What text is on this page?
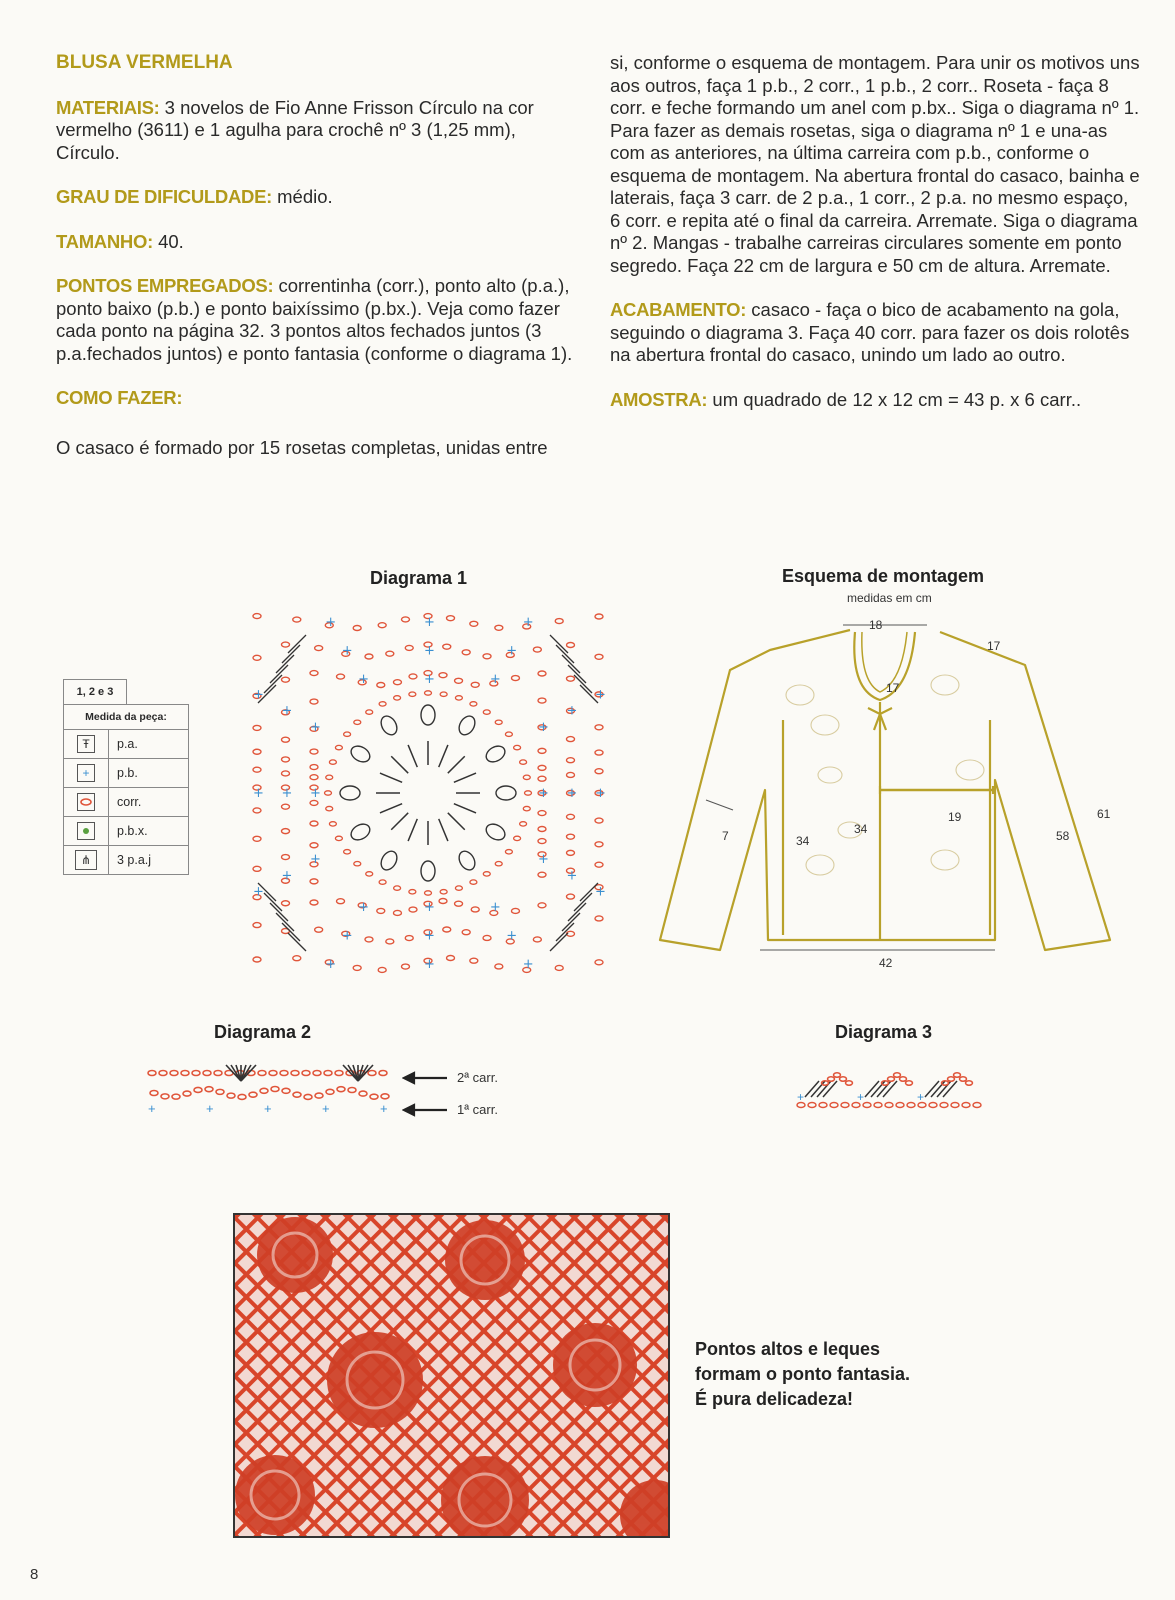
BLUSA VERMELHA

MATERIAIS: 3 novelos de Fio Anne Frisson Círculo na cor vermelho (3611) e 1 agulha para crochê nº 3 (1,25 mm), Círculo.

GRAU DE DIFICULDADE: médio.

TAMANHO: 40.

PONTOS EMPREGADOS: correntinha (corr.), ponto alto (p.a.), ponto baixo (p.b.) e ponto baixíssimo (p.bx.). Veja como fazer cada ponto na página 32. 3 pontos altos fechados juntos (3 p.a.fechados juntos) e ponto fantasia (conforme o diagrama 1).

COMO FAZER:

O casaco é formado por 15 rosetas completas, unidas entre

si, conforme o esquema de montagem. Para unir os motivos uns aos outros, faça 1 p.b., 2 corr., 1 p.b., 2 corr.. Roseta - faça 8 corr. e feche formando um anel com p.bx.. Siga o diagrama nº 1. Para fazer as demais rosetas, siga o diagrama nº 1 e una-as com as anteriores, na última carreira com p.b., conforme o esquema de montagem. Na abertura frontal do casaco, bainha e laterais, faça 3 carr. de 2 p.a., 1 corr., 2 p.a. no mesmo espaço, 6 corr. e repita até o final da carreira. Arremate. Siga o diagrama nº 2. Mangas - trabalhe carreiras circulares somente em ponto segredo. Faça 22 cm de largura e 50 cm de altura. Arremate.

ACABAMENTO: casaco - faça o bico de acabamento na gola, seguindo o diagrama 3. Faça 40 corr. para fazer os dois rolotês na abertura frontal do casaco, unindo um lado ao outro.

AMOSTRA: um quadrado de 12 x 12 cm = 43 p. x 6 carr..

Diagrama 1
+
+
+
+
+
+
+
+
+	+	+
+
+
+
+
+
+
+
+
+
+	+	+
+
+
+
+
+
+
+
+
+
+	+	+
+
1, 2 e 3
Medida da peça:
Ŧ	p.a.
+	p.b.
corr.
p.b.x.
⋔	3 p.a.j
Esquema de montagem
medidas em cm
18
17
17
19
34
34	58
61
7
42
Diagrama 2
+	+	+	+	+
2ª carr.
1ª carr.
Diagrama 3
+	+	+
Pontos altos e leques
formam o ponto fantasia.
É pura delicadeza!
8
